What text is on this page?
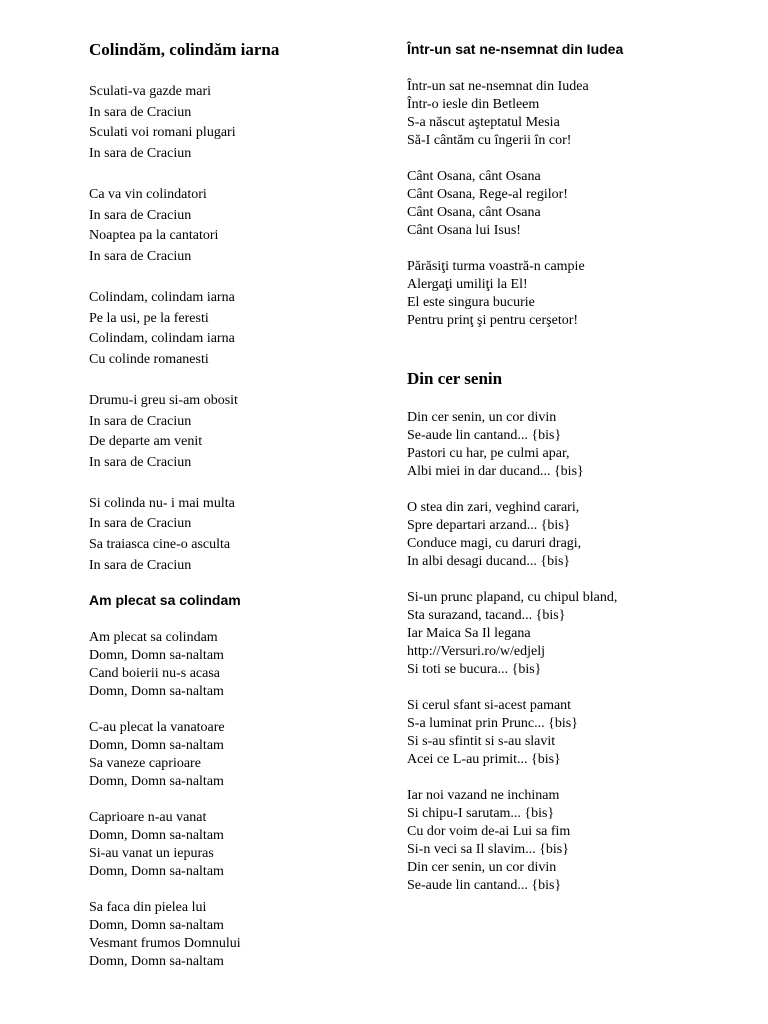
Colindăm, colindăm iarna
Sculati-va gazde mari
In sara de Craciun
Sculati voi romani plugari
In sara de Craciun
Ca va vin colindatori
In sara de Craciun
Noaptea pa la cantatori
In sara de Craciun
Colindam, colindam iarna
Pe la usi, pe la feresti
Colindam, colindam iarna
Cu colinde romanesti
Drumu-i greu si-am obosit
In sara de Craciun
De departe am venit
In sara de Craciun
Si colinda nu- i mai multa
In sara de Craciun
Sa traiasca cine-o asculta
In sara de Craciun
Am plecat sa colindam
Am plecat sa colindam
Domn, Domn sa-naltam
Cand boierii nu-s acasa
Domn, Domn sa-naltam
C-au plecat la vanatoare
Domn, Domn sa-naltam
Sa vaneze caprioare
Domn, Domn sa-naltam
Caprioare n-au vanat
Domn, Domn sa-naltam
Si-au vanat un iepuras
Domn, Domn sa-naltam
Sa faca din pielea lui
Domn, Domn sa-naltam
Vesmant frumos Domnului
Domn, Domn sa-naltam
Într-un sat ne-nsemnat din Iudea
Într-un sat ne-nsemnat din Iudea
Într-o iesle din Betleem
S-a născut aşteptatul Mesia
Să-I cântăm cu îngerii în cor!
Cânt Osana, cânt Osana
Cânt Osana, Rege-al regilor!
Cânt Osana, cânt Osana
Cânt Osana lui Isus!
Părăsiţi turma voastră-n campie
Alergaţi umiliţi la El!
El este singura bucurie
Pentru prinţ şi pentru cerşetor!
Din cer senin
Din cer senin, un cor divin
Se-aude lin cantand... {bis}
Pastori cu har, pe culmi apar,
Albi miei in dar ducand... {bis}
O stea din zari, veghind carari,
Spre departari arzand... {bis}
Conduce magi, cu daruri dragi,
In albi desagi ducand... {bis}
Si-un prunc plapand, cu chipul bland,
Sta surazand, tacand... {bis}
Iar Maica Sa Il legana
http://Versuri.ro/w/edjelj
Si toti se bucura... {bis}
Si cerul sfant si-acest pamant
S-a luminat prin Prunc... {bis}
Si s-au sfintit si s-au slavit
Acei ce L-au primit... {bis}
Iar noi vazand ne inchinam
Si chipu-I sarutam... {bis}
Cu dor voim de-ai Lui sa fim
Si-n veci sa Il slavim... {bis}
Din cer senin, un cor divin
Se-aude lin cantand... {bis}
